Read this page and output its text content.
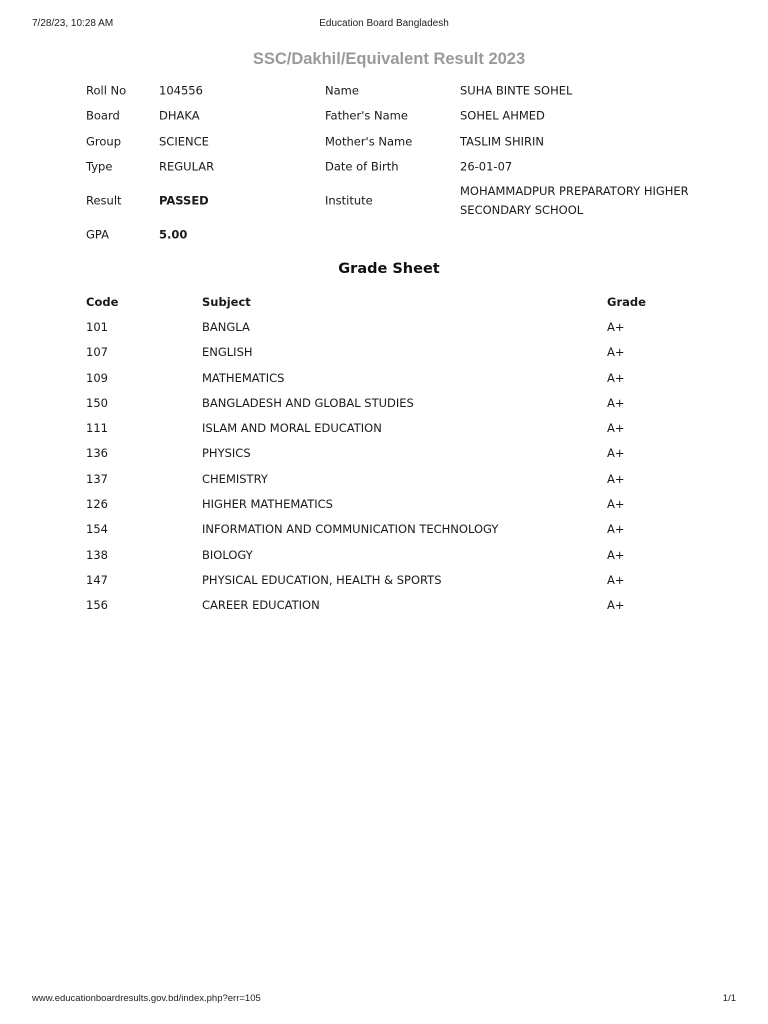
7/28/23, 10:28 AM	Education Board Bangladesh
SSC/Dakhil/Equivalent Result 2023
Roll No	104556	Name	SUHA BINTE SOHEL
Board	DHAKA	Father's Name	SOHEL AHMED
Group	SCIENCE	Mother's Name	TASLIM SHIRIN
Type	REGULAR	Date of Birth	26-01-07
Result	PASSED	Institute
MOHAMMADPUR PREPARATORY HIGHER SECONDARY SCHOOL
GPA	5.00
Grade Sheet
Code	Subject	Grade
101	BANGLA	A+
107	ENGLISH	A+
109	MATHEMATICS	A+
150	BANGLADESH AND GLOBAL STUDIES	A+
111	ISLAM AND MORAL EDUCATION	A+
136	PHYSICS	A+
137	CHEMISTRY	A+
126	HIGHER MATHEMATICS	A+
154	INFORMATION AND COMMUNICATION TECHNOLOGY	A+
138	BIOLOGY	A+
147	PHYSICAL EDUCATION, HEALTH & SPORTS	A+
156	CAREER EDUCATION	A+
www.educationboardresults.gov.bd/index.php?err=105	1/1
